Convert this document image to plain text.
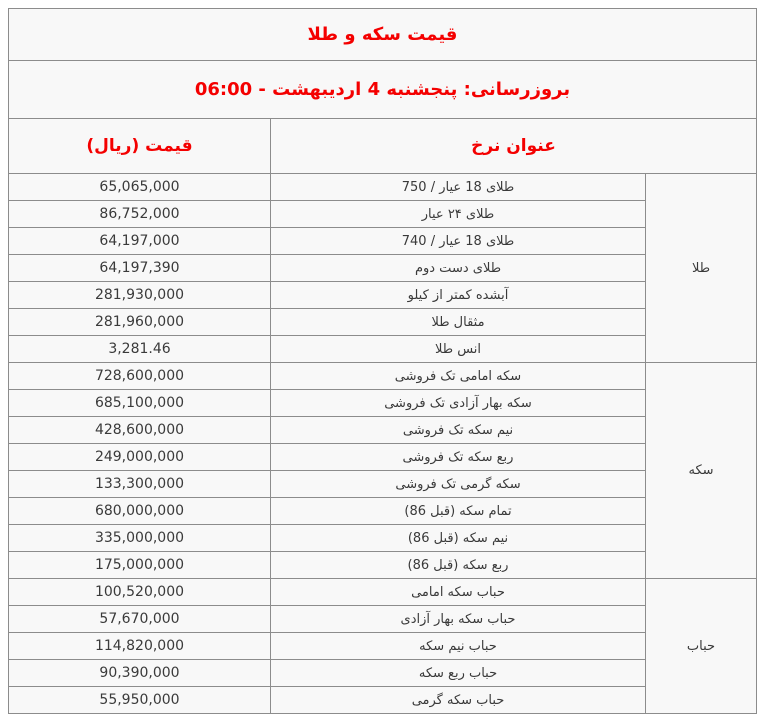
قیمت سکه و طلا		
بروزرسانی: پنجشنبه 4 اردیبهشت - 06:00		
قیمت (ریال)	عنوان نرخ	
65,065,000	طلای 18 عیار / 750	طلا
86,752,000	طلای ۲۴ عیار	
64,197,000	طلای 18 عیار / 740	
64,197,390	طلای دست دوم	
281,930,000	آبشده کمتر از کیلو	
281,960,000	مثقال طلا	
3,281.46	انس طلا	
728,600,000	سکه امامی تک فروشی	سکه
685,100,000	سکه بهار آزادی تک فروشی	
428,600,000	نیم سکه تک فروشی	
249,000,000	ربع سکه تک فروشی	
133,300,000	سکه گرمی تک فروشی	
680,000,000	تمام سکه (قبل 86)	
335,000,000	نیم سکه (قبل 86)	
175,000,000	ربع سکه (قبل 86)	
100,520,000	حباب سکه امامی	حباب
57,670,000	حباب سکه بهار آزادی	
114,820,000	حباب نیم سکه	
90,390,000	حباب ربع سکه	
55,950,000	حباب سکه گرمی	
